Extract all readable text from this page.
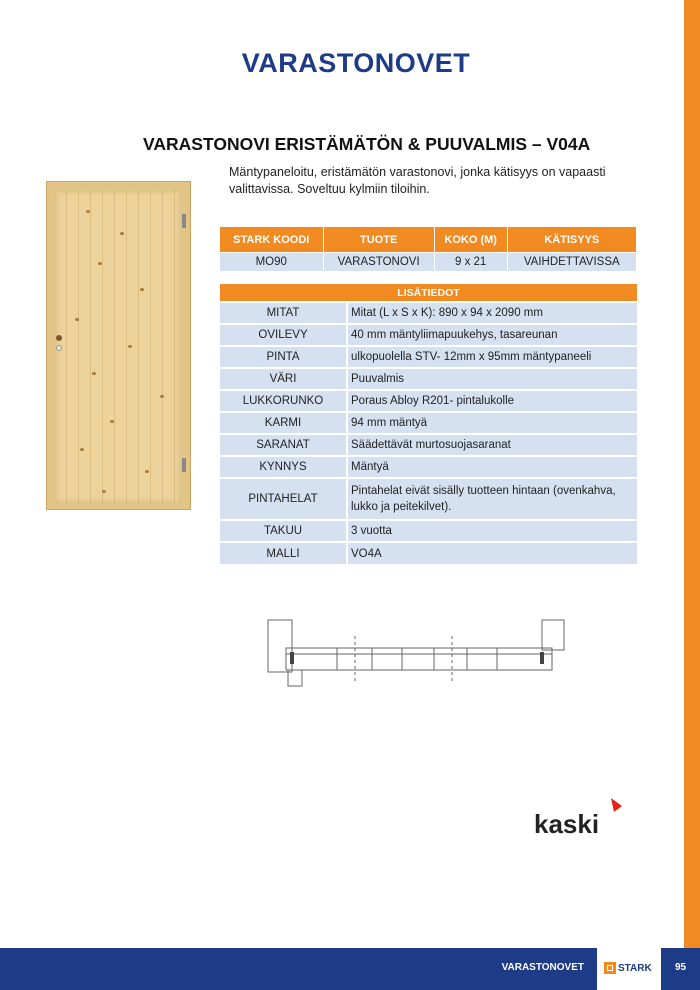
VARASTONOVET
VARASTONOVI ERISTÄMÄTÖN & PUUVALMIS – V04A
Mäntypaneloitu, eristämätön varastonovi, jonka kätisyys on vapaasti valittavissa. Soveltuu kylmiin tiloihin.
STARK KOODI	TUOTE	KOKO (M)	KÄTISYYS
MO90	VARASTONOVI	9 x 21	VAIHDETTAVISSA
LISÄTIEDOT	
MITAT	Mitat (L x S x K): 890 x 94 x 2090 mm
OVILEVY	40 mm mäntyliimapuukehys, tasareunan
PINTA	ulkopuolella STV- 12mm x 95mm mäntypaneeli
VÄRI	Puuvalmis
LUKKORUNKO	Poraus Abloy R201- pintalukolle
KARMI	94 mm mäntyä
SARANAT	Säädettävät murtosuojasaranat
KYNNYS	Mäntyä
PINTAHELAT	Pintahelat eivät sisälly tuotteen hintaan (ovenkahva, lukko ja peitekilvet).
TAKUU	3 vuotta
MALLI	VO4A
kaski
VARASTONOVET	STARK	95
